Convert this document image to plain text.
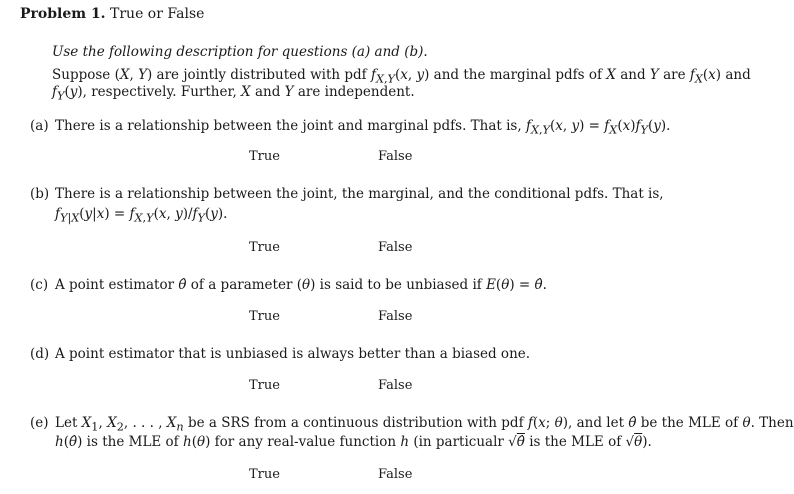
Problem 1. True or False
Use the following description for questions (a) and (b).
Suppose (X, Y) are jointly distributed with pdf $f_{X,Y}(x$, y) and the marginal pdfs of X and Y are $f_X(x)$ and
$f_Y(y)$, respectively. Further, X and Y are independent.
(a) There is a relationship between the joint and marginal pdfs. That is, $f_{X,Y}(x$, $y) = f_X(x)f_Y(y)$.
True	False
(b) There is a relationship between the joint, the marginal, and the conditional pdfs. That is,
$f_{Y|X}(y|x) = f_{X,Y}(x$, $y)/f_Y(y)$.
True	False
(c) A point estimator θ̂ of a parameter (θ) is said to be unbiased if E(θ) = θ̂.
True	False
(d) A point estimator that is unbiased is always better than a biased one.
True	False
(e) Let $X_1$, $X_2$, . . . , $X_n$ be a SRS from a continuous distribution with pdf f(x; θ), and let θ̂ be the MLE of θ. Then
h(θ̂) is the MLE of h(θ) for any real-value function h (in particualr √θ̂ is the MLE of √θ).
True	False
